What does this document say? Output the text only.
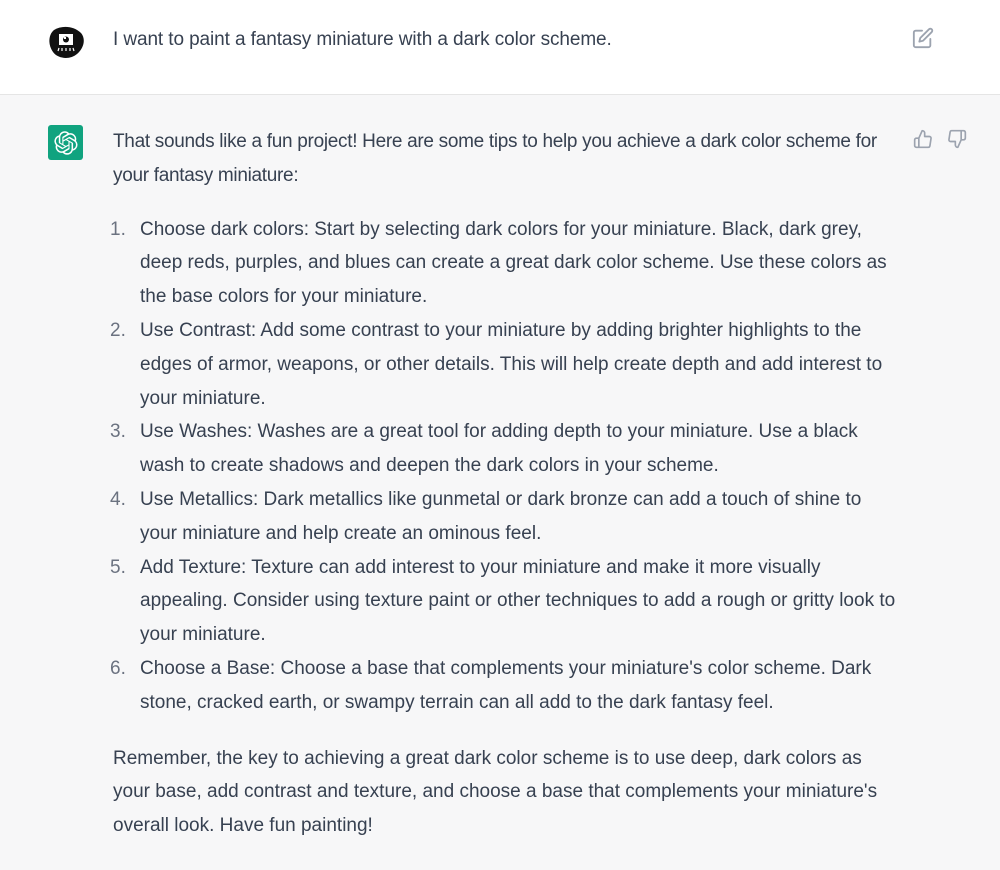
I want to paint a fantasy miniature with a dark color scheme.

That sounds like a fun project! Here are some tips to help you achieve a dark color scheme for your fantasy miniature:

1. Choose dark colors: Start by selecting dark colors for your miniature. Black, dark grey, deep reds, purples, and blues can create a great dark color scheme. Use these colors as the base colors for your miniature.
2. Use Contrast: Add some contrast to your miniature by adding brighter highlights to the edges of armor, weapons, or other details. This will help create depth and add interest to your miniature.
3. Use Washes: Washes are a great tool for adding depth to your miniature. Use a black wash to create shadows and deepen the dark colors in your scheme.
4. Use Metallics: Dark metallics like gunmetal or dark bronze can add a touch of shine to your miniature and help create an ominous feel.
5. Add Texture: Texture can add interest to your miniature and make it more visually appealing. Consider using texture paint or other techniques to add a rough or gritty look to your miniature.
6. Choose a Base: Choose a base that complements your miniature's color scheme. Dark stone, cracked earth, or swampy terrain can all add to the dark fantasy feel.

Remember, the key to achieving a great dark color scheme is to use deep, dark colors as your base, add contrast and texture, and choose a base that complements your miniature's overall look. Have fun painting!
